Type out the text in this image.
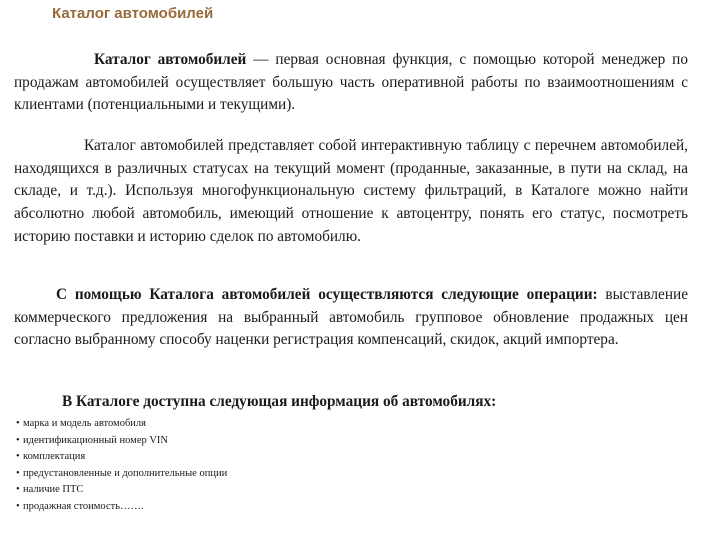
Каталог автомобилей

Каталог автомобилей — первая основная функция, с помощью которой менеджер по продажам автомобилей осуществляет большую часть оперативной работы по взаимоотношениям с клиентами (потенциальными и текущими).

Каталог автомобилей представляет собой интерактивную таблицу с перечнем автомобилей, находящихся в различных статусах на текущий момент (проданные, заказанные, в пути на склад, на складе, и т.д.). Используя многофункциональную систему фильтраций, в Каталоге можно найти абсолютно любой автомобиль, имеющий отношение к автоцентру, понять его статус, посмотреть историю поставки и историю сделок по автомобилю.

С помощью Каталога автомобилей осуществляются следующие операции: выставление коммерческого предложения на выбранный автомобиль групповое обновление продажных цен согласно выбранному способу наценки регистрация компенсаций, скидок, акций импортера.

В Каталоге доступна следующая информация об автомобилях:

• марка и модель автомобиля
• идентификационный номер VIN
• комплектация
• предустановленные и дополнительные опции
• наличие ПТС
• продажная стоимость…….
